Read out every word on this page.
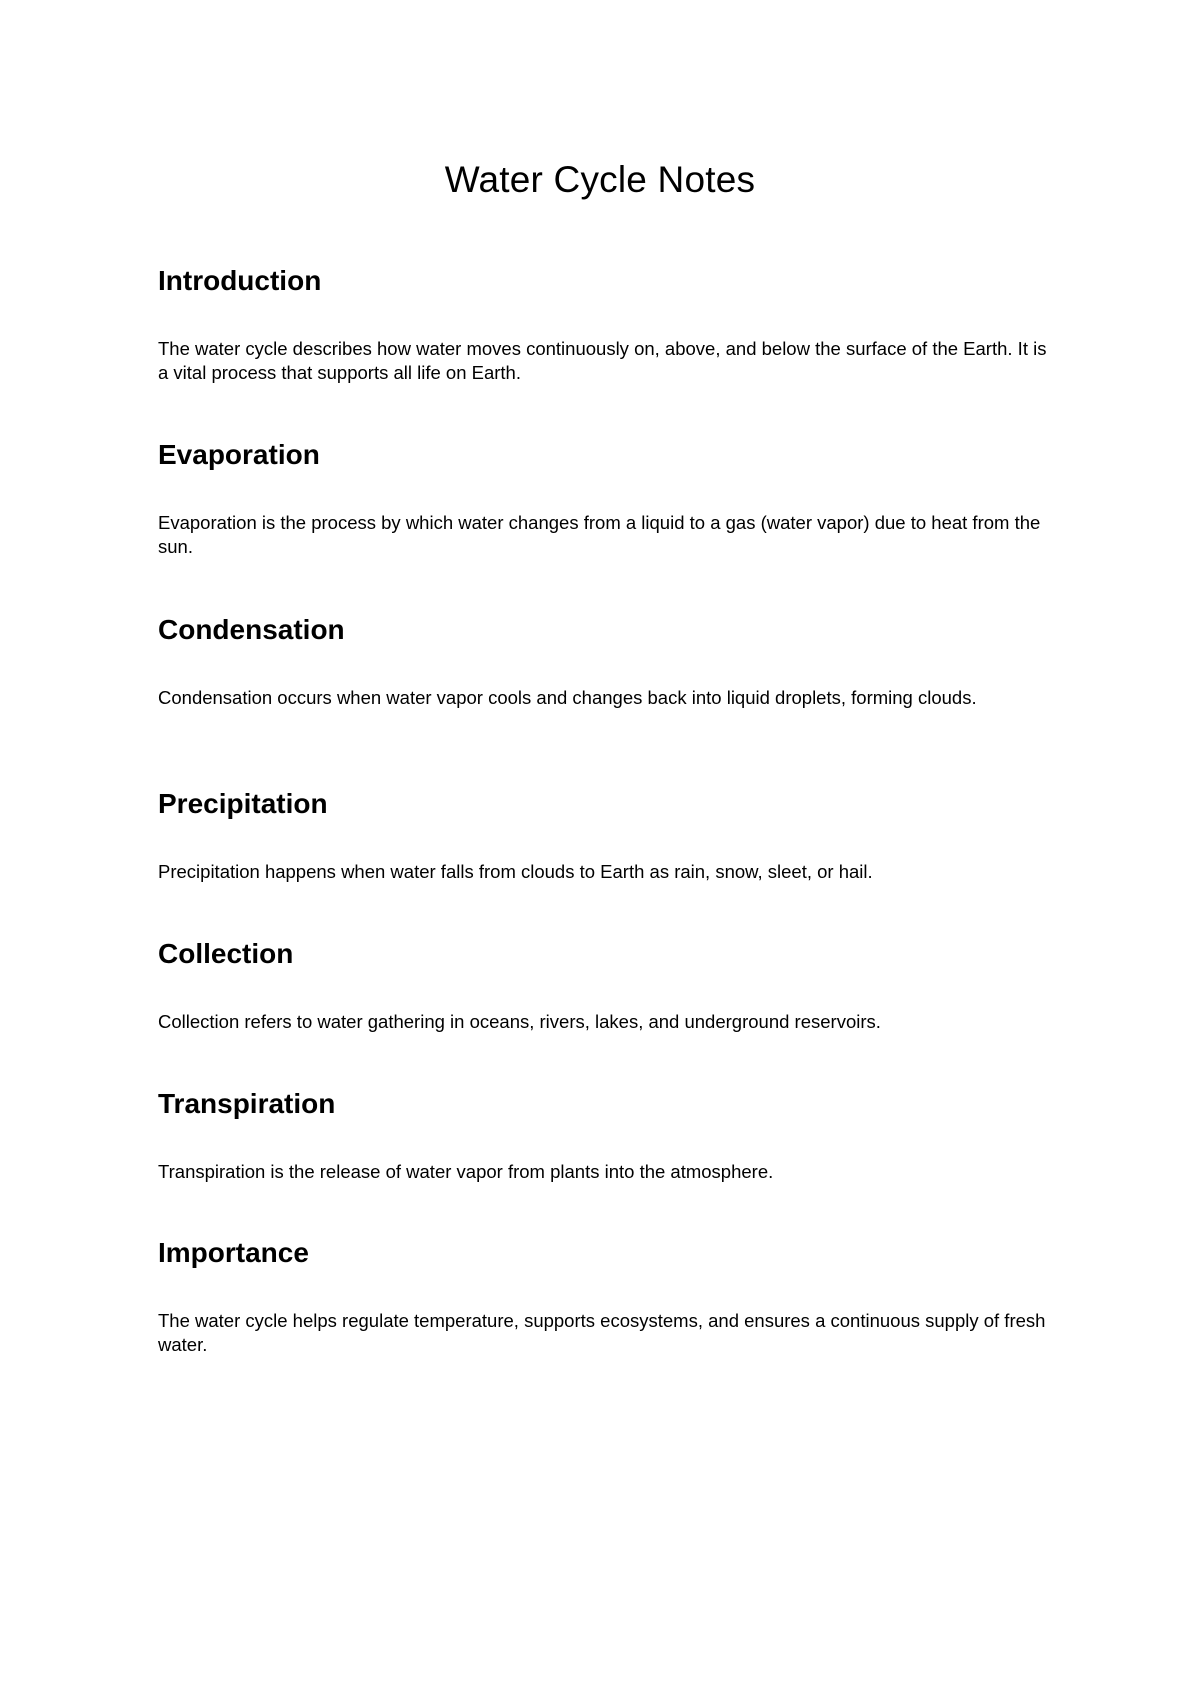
Water Cycle Notes
Introduction

The water cycle describes how water moves continuously on, above, and below the surface of the Earth. It is a vital process that supports all life on Earth.

Evaporation

Evaporation is the process by which water changes from a liquid to a gas (water vapor) due to heat from the sun.

Condensation

Condensation occurs when water vapor cools and changes back into liquid droplets, forming clouds.

Precipitation

Precipitation happens when water falls from clouds to Earth as rain, snow, sleet, or hail.

Collection

Collection refers to water gathering in oceans, rivers, lakes, and underground reservoirs.

Transpiration

Transpiration is the release of water vapor from plants into the atmosphere.

Importance

The water cycle helps regulate temperature, supports ecosystems, and ensures a continuous supply of fresh water.
